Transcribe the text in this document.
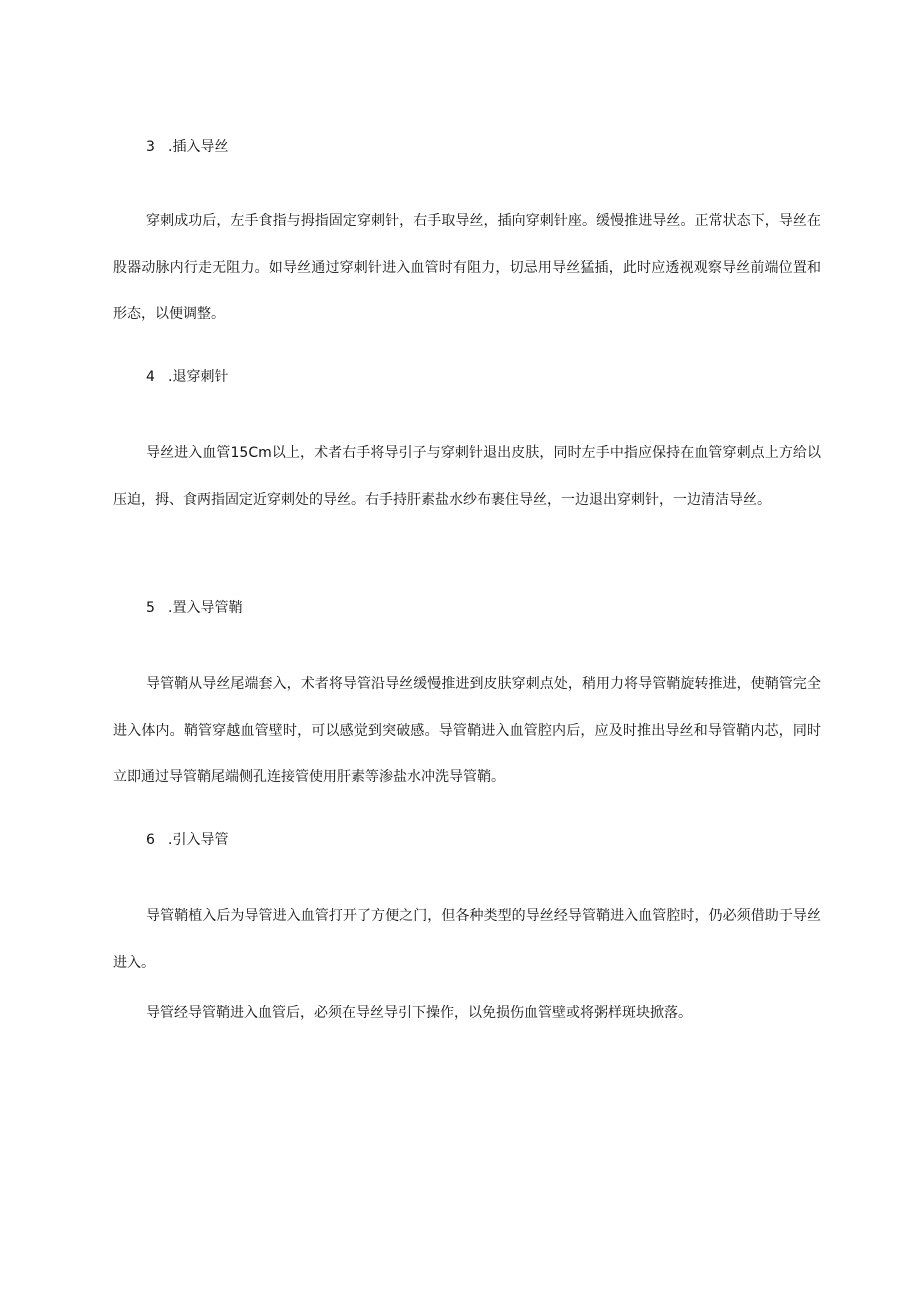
3 .插入导丝

穿刺成功后，左手食指与拇指固定穿刺针，右手取导丝，插向穿刺针座。缓慢推进导丝。正常状态下，导丝在股器动脉内行走无阻力。如导丝通过穿刺针进入血管时有阻力，切忌用导丝猛插，此时应透视观察导丝前端位置和形态，以便调整。

4 .退穿刺针

导丝进入血管15Cm以上，术者右手将导引子与穿刺针退出皮肤，同时左手中指应保持在血管穿刺点上方给以压迫，拇、食两指固定近穿刺处的导丝。右手持肝素盐水纱布裹住导丝，一边退出穿刺针，一边清洁导丝。

5 .置入导管鞘

导管鞘从导丝尾端套入，术者将导管沿导丝缓慢推进到皮肤穿刺点处，稍用力将导管鞘旋转推进，使鞘管完全进入体内。鞘管穿越血管壁时，可以感觉到突破感。导管鞘进入血管腔内后，应及时推出导丝和导管鞘内芯，同时立即通过导管鞘尾端侧孔连接管使用肝素等渗盐水冲洗导管鞘。

6 .引入导管

导管鞘植入后为导管进入血管打开了方便之门，但各种类型的导丝经导管鞘进入血管腔时，仍必须借助于导丝进入。

导管经导管鞘进入血管后，必须在导丝导引下操作，以免损伤血管壁或将粥样斑块掀落。
